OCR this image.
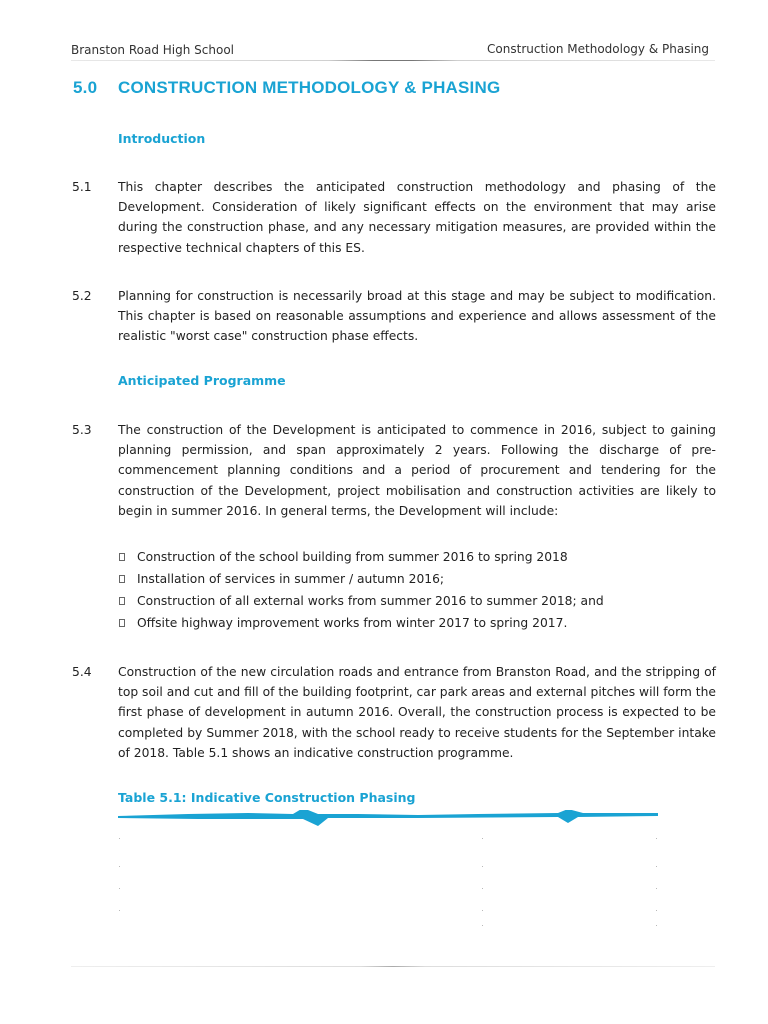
Branston Road High School	Construction Methodology & Phasing
5.0 CONSTRUCTION METHODOLOGY & PHASING
Introduction
5.1 This chapter describes the anticipated construction methodology and phasing of the Development. Consideration of likely significant effects on the environment that may arise during the construction phase, and any necessary mitigation measures, are provided within the respective technical chapters of this ES.

5.2 Planning for construction is necessarily broad at this stage and may be subject to modification. This chapter is based on reasonable assumptions and experience and allows assessment of the realistic "worst case" construction phase effects.

Anticipated Programme
5.3 The construction of the Development is anticipated to commence in 2016, subject to gaining planning permission, and span approximately 2 years. Following the discharge of pre-commencement planning conditions and a period of procurement and tendering for the construction of the Development, project mobilisation and construction activities are likely to begin in summer 2016. In general terms, the Development will include:

Construction of the school building from summer 2016 to spring 2018
Installation of services in summer / autumn 2016;
Construction of all external works from summer 2016 to summer 2018; and
Offsite highway improvement works from winter 2017 to spring 2017.
5.4 Construction of the new circulation roads and entrance from Branston Road, and the stripping of top soil and cut and fill of the building footprint, car park areas and external pitches will form the first phase of development in autumn 2016. Overall, the construction process is expected to be completed by Summer 2018, with the school ready to receive students for the September intake of 2018. Table 5.1 shows an indicative construction programme.

Table 5.1: Indicative Construction Phasing
